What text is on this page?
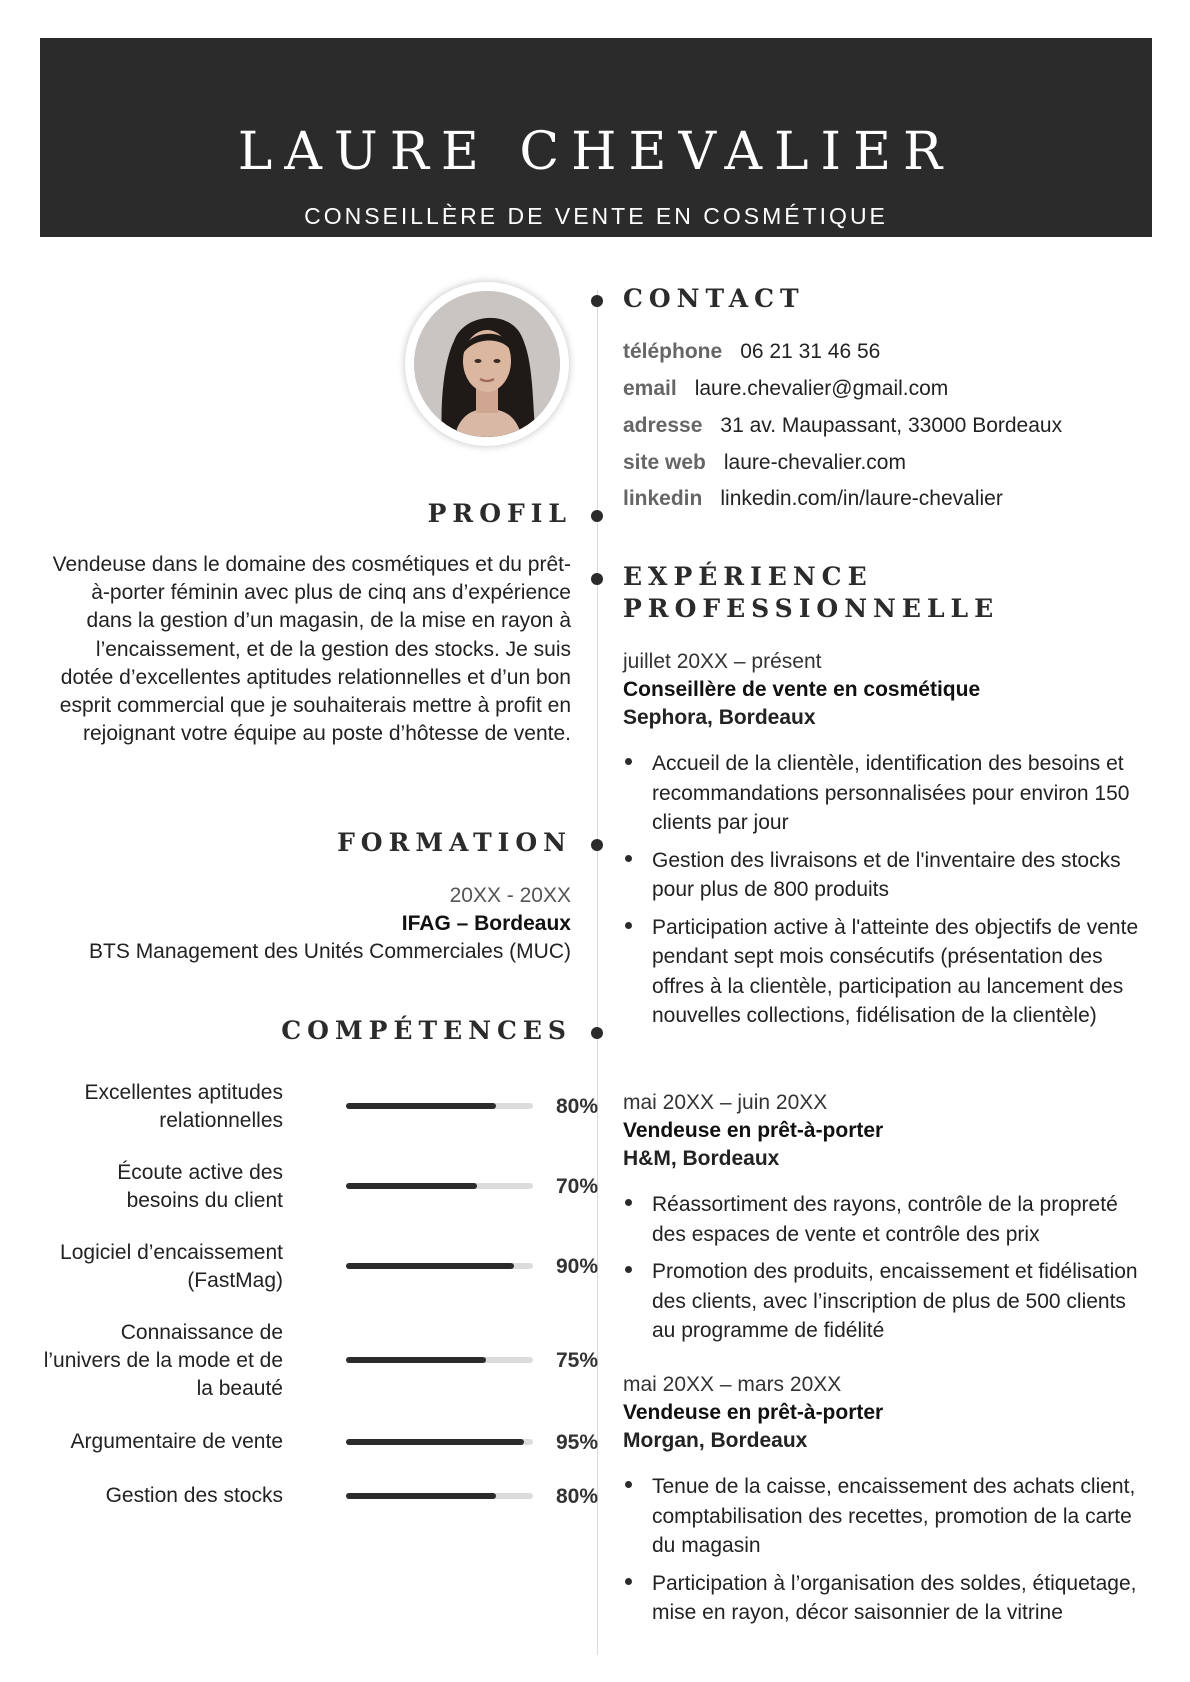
LAURE CHEVALIER
CONSEILLÈRE DE VENTE EN COSMÉTIQUE
PROFIL
Vendeuse dans le domaine des cosmétiques et du prêt-à-porter féminin avec plus de cinq ans d’expérience dans la gestion d’un magasin, de la mise en rayon à l’encaissement, et de la gestion des stocks. Je suis dotée d’excellentes aptitudes relationnelles et d’un bon esprit commercial que je souhaiterais mettre à profit en rejoignant votre équipe au poste d’hôtesse de vente.
FORMATION
20XX - 20XX
IFAG – Bordeaux
BTS Management des Unités Commerciales (MUC)
COMPÉTENCES
Excellentes aptitudes relationnelles
80%
Écoute active des besoins du client
70%
Logiciel d’encaissement (FastMag)
90%
Connaissance de l’univers de la mode et de la beauté
75%
Argumentaire de vente	95%
Gestion des stocks	80%
CONTACT
téléphone 06 21 31 46 56
email laure.chevalier@gmail.com
adresse 31 av. Maupassant, 33000 Bordeaux
site web laure-chevalier.com
linkedin linkedin.com/in/laure-chevalier
EXPÉRIENCE
PROFESSIONNELLE
juillet 20XX – présent
Conseillère de vente en cosmétique
Sephora, Bordeaux
Accueil de la clientèle, identification des besoins et recommandations personnalisées pour environ 150 clients par jour
Gestion des livraisons et de l'inventaire des stocks pour plus de 800 produits
Participation active à l'atteinte des objectifs de vente pendant sept mois consécutifs (présentation des offres à la clientèle, participation au lancement des nouvelles collections, fidélisation de la clientèle)
mai 20XX – juin 20XX
Vendeuse en prêt-à-porter
H&M, Bordeaux
Réassortiment des rayons, contrôle de la propreté des espaces de vente et contrôle des prix
Promotion des produits, encaissement et fidélisation des clients, avec l’inscription de plus de 500 clients au programme de fidélité
mai 20XX – mars 20XX
Vendeuse en prêt-à-porter
Morgan, Bordeaux
Tenue de la caisse, encaissement des achats client, comptabilisation des recettes, promotion de la carte du magasin
Participation à l’organisation des soldes, étiquetage, mise en rayon, décor saisonnier de la vitrine
